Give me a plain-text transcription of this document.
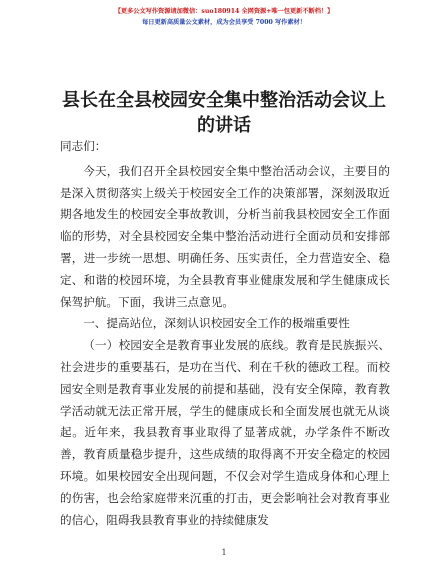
【更多公文写作资源请加微信：suo180914 全网资源+唯一包更新不断档！】
每日更新高质量公文素材，成为会员享受 7000 写作素材！
县长在全县校园安全集中整治活动会议上的讲话

同志们：

今天，我们召开全县校园安全集中整治活动会议，主要目的是深入贯彻落实上级关于校园安全工作的决策部署，深刻汲取近期各地发生的校园安全事故教训，分析当前我县校园安全工作面临的形势，对全县校园安全集中整治活动进行全面动员和安排部署，进一步统一思想、明确任务、压实责任，全力营造安全、稳定、和谐的校园环境，为全县教育事业健康发展和学生健康成长保驾护航。下面，我讲三点意见。

一、提高站位，深刻认识校园安全工作的极端重要性

（一）校园安全是教育事业发展的底线。教育是民族振兴、社会进步的重要基石，是功在当代、利在千秋的德政工程。而校园安全则是教育事业发展的前提和基础，没有安全保障，教育教学活动就无法正常开展，学生的健康成长和全面发展也就无从谈起。近年来，我县教育事业取得了显著成就，办学条件不断改善，教育质量稳步提升，这些成绩的取得离不开安全稳定的校园环境。如果校园安全出现问题，不仅会对学生造成身体和心理上的伤害，也会给家庭带来沉重的打击，更会影响社会对教育事业的信心，阻碍我县教育事业的持续健康发

1
